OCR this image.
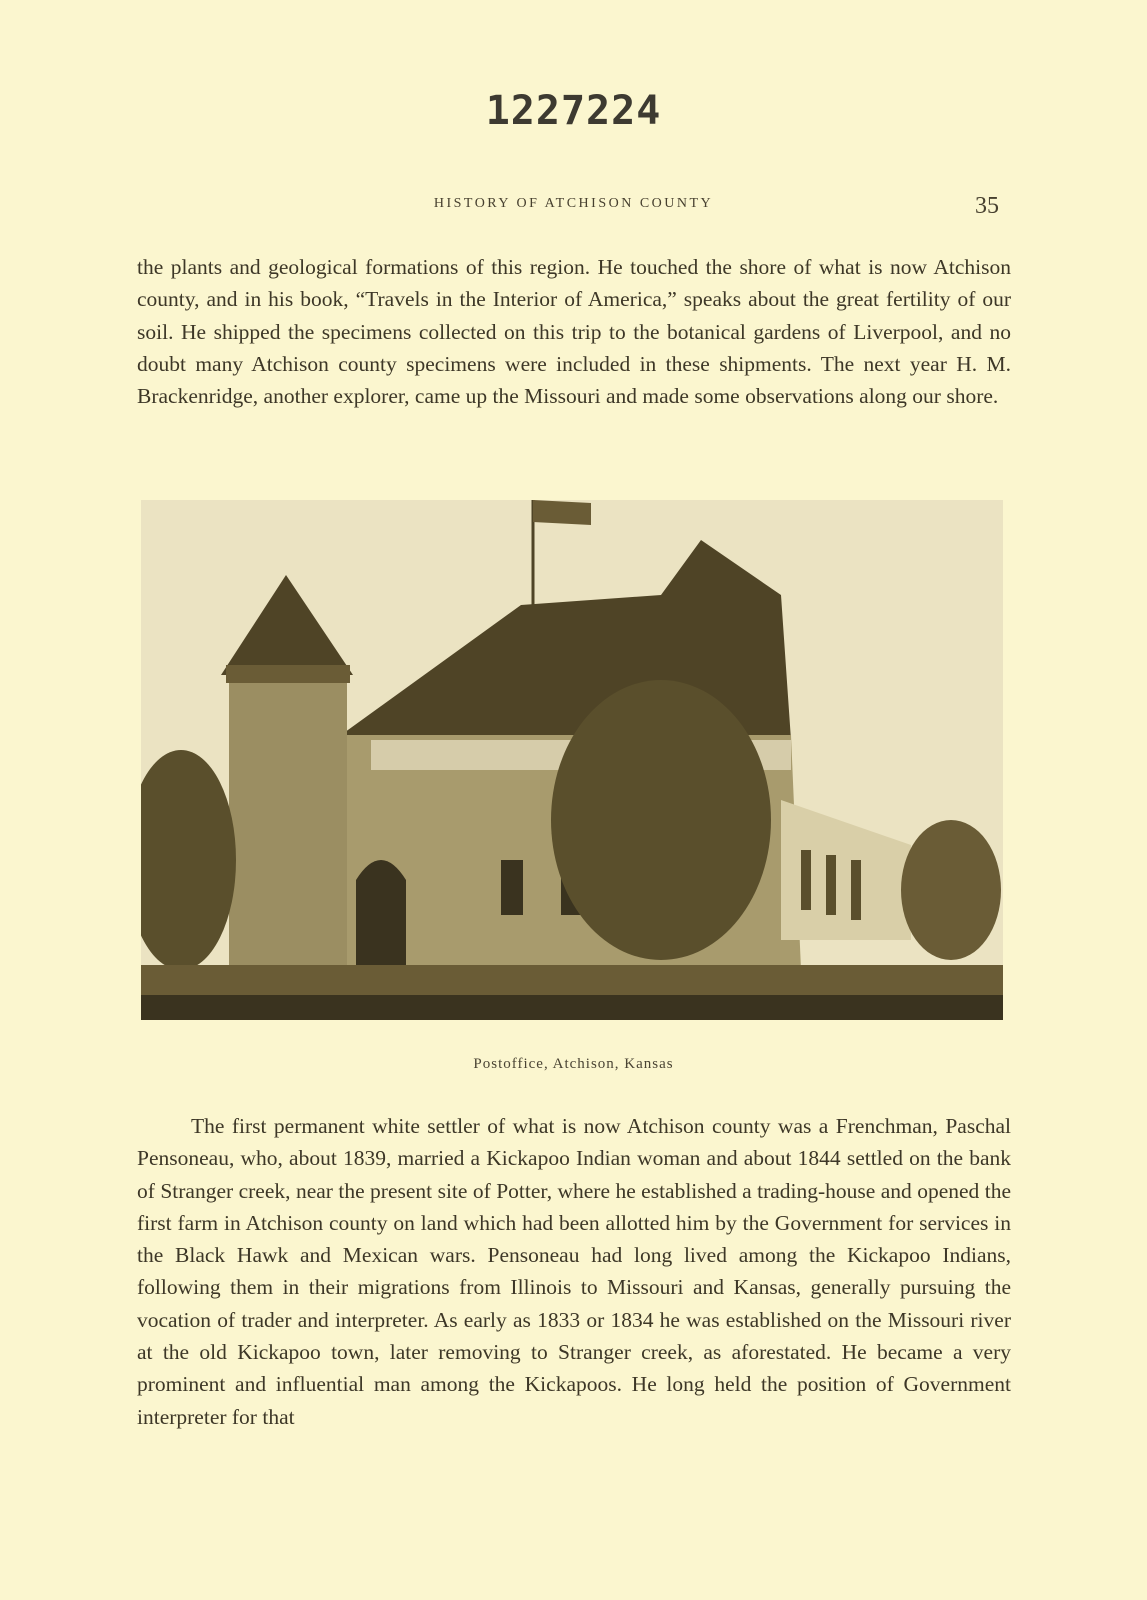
1227224
HISTORY OF ATCHISON COUNTY	35

the plants and geological formations of this region. He touched the shore of what is now Atchison county, and in his book, “Travels in the Interior of America,” speaks about the great fertility of our soil. He shipped the specimens collected on this trip to the botanical gardens of Liverpool, and no doubt many Atchison county specimens were included in these shipments. The next year H. M. Brackenridge, another explorer, came up the Missouri and made some observations along our shore.

Postoffice, Atchison, Kansas

The first permanent white settler of what is now Atchison county was a Frenchman, Paschal Pensoneau, who, about 1839, married a Kickapoo Indian woman and about 1844 settled on the bank of Stranger creek, near the present site of Potter, where he established a trading-house and opened the first farm in Atchison county on land which had been allotted him by the Government for services in the Black Hawk and Mexican wars. Pensoneau had long lived among the Kickapoo Indians, following them in their migrations from Illinois to Missouri and Kansas, generally pursuing the vocation of trader and interpreter. As early as 1833 or 1834 he was established on the Missouri river at the old Kickapoo town, later removing to Stranger creek, as aforestated. He became a very prominent and influential man among the Kickapoos. He long held the position of Government interpreter for that
